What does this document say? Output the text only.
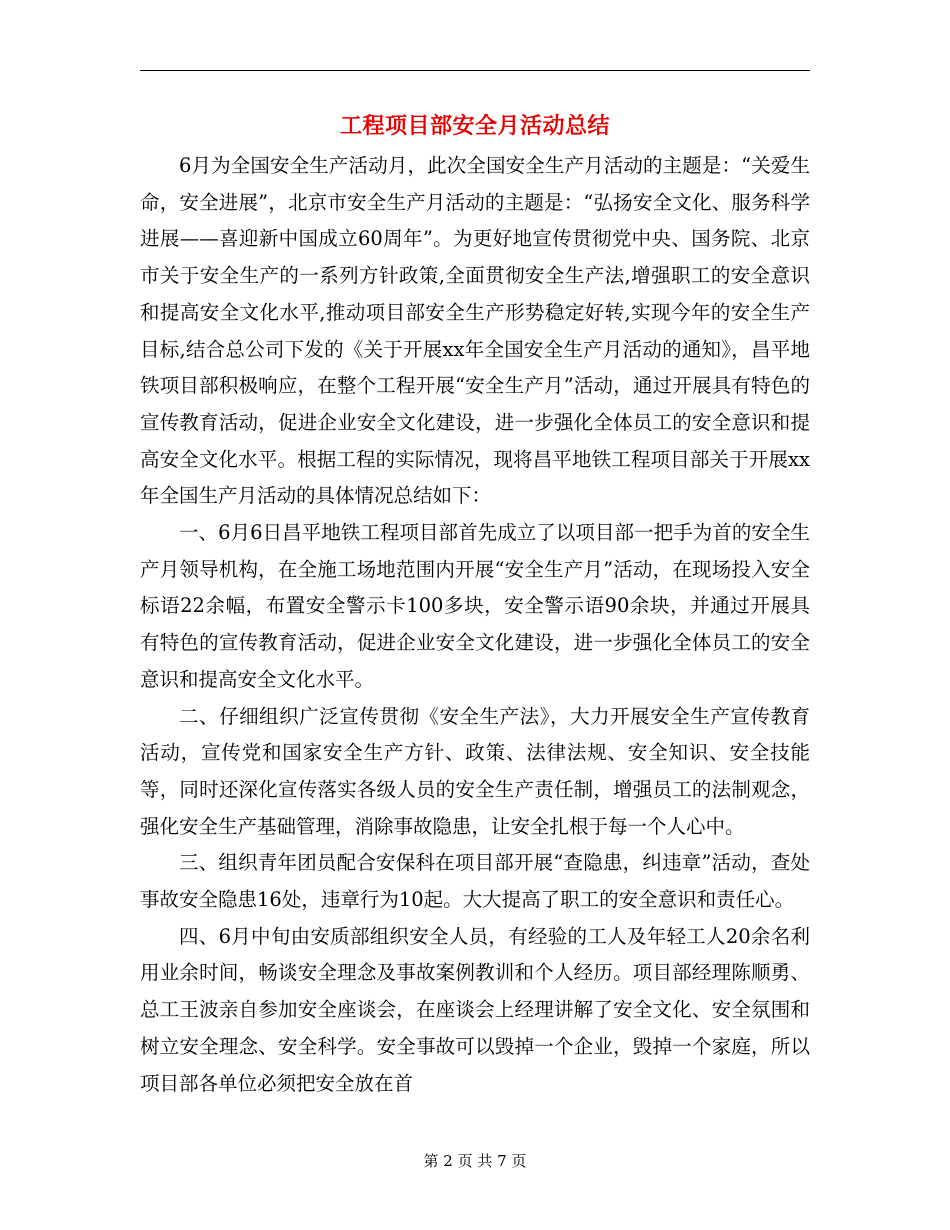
工程项目部安全月活动总结

6月为全国安全生产活动月，此次全国安全生产月活动的主题是：“关爱生命，安全进展”，北京市安全生产月活动的主题是：“弘扬安全文化、服务科学进展——喜迎新中国成立60周年”。为更好地宣传贯彻党中央、国务院、北京市关于安全生产的一系列方针政策,全面贯彻安全生产法,增强职工的安全意识和提高安全文化水平,推动项目部安全生产形势稳定好转,实现今年的安全生产目标,结合总公司下发的《关于开展xx年全国安全生产月活动的通知》，昌平地铁项目部积极响应，在整个工程开展“安全生产月”活动，通过开展具有特色的宣传教育活动，促进企业安全文化建设，进一步强化全体员工的安全意识和提高安全文化水平。根据工程的实际情况，现将昌平地铁工程项目部关于开展xx年全国生产月活动的具体情况总结如下：

一、6月6日昌平地铁工程项目部首先成立了以项目部一把手为首的安全生产月领导机构，在全施工场地范围内开展“安全生产月”活动，在现场投入安全标语22余幅，布置安全警示卡100多块，安全警示语90余块，并通过开展具有特色的宣传教育活动，促进企业安全文化建设，进一步强化全体员工的安全意识和提高安全文化水平。

二、仔细组织广泛宣传贯彻《安全生产法》，大力开展安全生产宣传教育活动，宣传党和国家安全生产方针、政策、法律法规、安全知识、安全技能等，同时还深化宣传落实各级人员的安全生产责任制，增强员工的法制观念，强化安全生产基础管理，消除事故隐患，让安全扎根于每一个人心中。

三、组织青年团员配合安保科在项目部开展“查隐患，纠违章”活动，查处事故安全隐患16处，违章行为10起。大大提高了职工的安全意识和责任心。

四、6月中旬由安质部组织安全人员，有经验的工人及年轻工人20余名利用业余时间，畅谈安全理念及事故案例教训和个人经历。项目部经理陈顺勇、总工王波亲自参加安全座谈会，在座谈会上经理讲解了安全文化、安全氛围和树立安全理念、安全科学。安全事故可以毁掉一个企业，毁掉一个家庭，所以项目部各单位必须把安全放在首

第 2 页 共 7 页
